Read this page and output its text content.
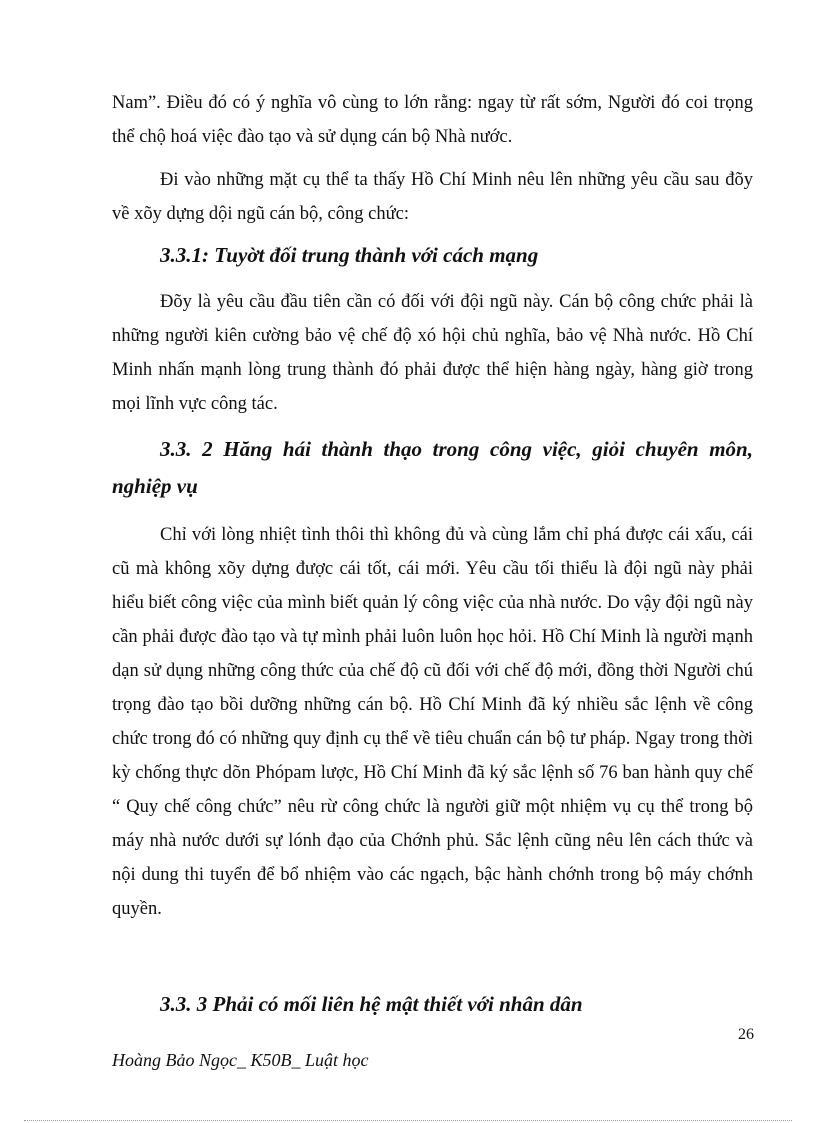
Nam”. Điều đó có ý nghĩa vô cùng to lớn rằng: ngay từ rất sớm, Người đó coi trọng thể chộ hoá việc đào tạo và sử dụng cán bộ Nhà nước.

Đi vào những mặt cụ thể ta thấy Hồ Chí Minh nêu lên những yêu cầu sau đõy về xõy dựng dội ngũ cán bộ, công chức:

3.3.1: Tuyờt đối trung thành với cách mạng

Đõy là yêu cầu đầu tiên cần có đối với đội ngũ này. Cán bộ công chức phải là những người kiên cường bảo vệ chế độ xó hội chủ nghĩa, bảo vệ Nhà nước. Hồ Chí Minh nhấn mạnh lòng trung thành đó phải được thể hiện hàng ngày, hàng giờ trong mọi lĩnh vực công tác.

3.3. 2 Hăng hái thành thạo trong công việc, giỏi chuyên môn, nghiệp vụ

Chỉ với lòng nhiệt tình thôi thì không đủ và cùng lắm chỉ phá được cái xấu, cái cũ mà không xõy dựng được cái tốt, cái mới. Yêu cầu tối thiểu là đội ngũ này phải hiểu biết công việc của mình biết quản lý công việc của nhà nước. Do vậy đội ngũ này cần phải được đào tạo và tự mình phải luôn luôn học hỏi. Hồ Chí Minh là người mạnh dạn sử dụng những công thức của chế độ cũ đối với chế độ mới, đồng thời Người chú trọng đào tạo bồi dưỡng những cán bộ. Hồ Chí Minh đã ký nhiều sắc lệnh về công chức trong đó có những quy định cụ thể về tiêu chuẩn cán bộ tư pháp. Ngay trong thời kỳ chống thực dõn Phópam lược, Hồ Chí Minh đã ký sắc lệnh số 76 ban hành quy chế “ Quy chế công chức” nêu rừ công chức là người giữ một nhiệm vụ cụ thể trong bộ máy nhà nước dưới sự lónh đạo của Chớnh phủ. Sắc lệnh cũng nêu lên cách thức và nội dung thi tuyển để bổ nhiệm vào các ngạch, bậc hành chớnh trong bộ máy chớnh quyền.

3.3. 3 Phải có mối liên hệ mật thiết với nhân dân
26
Hoàng Bảo Ngọc_ K50B_ Luật học
